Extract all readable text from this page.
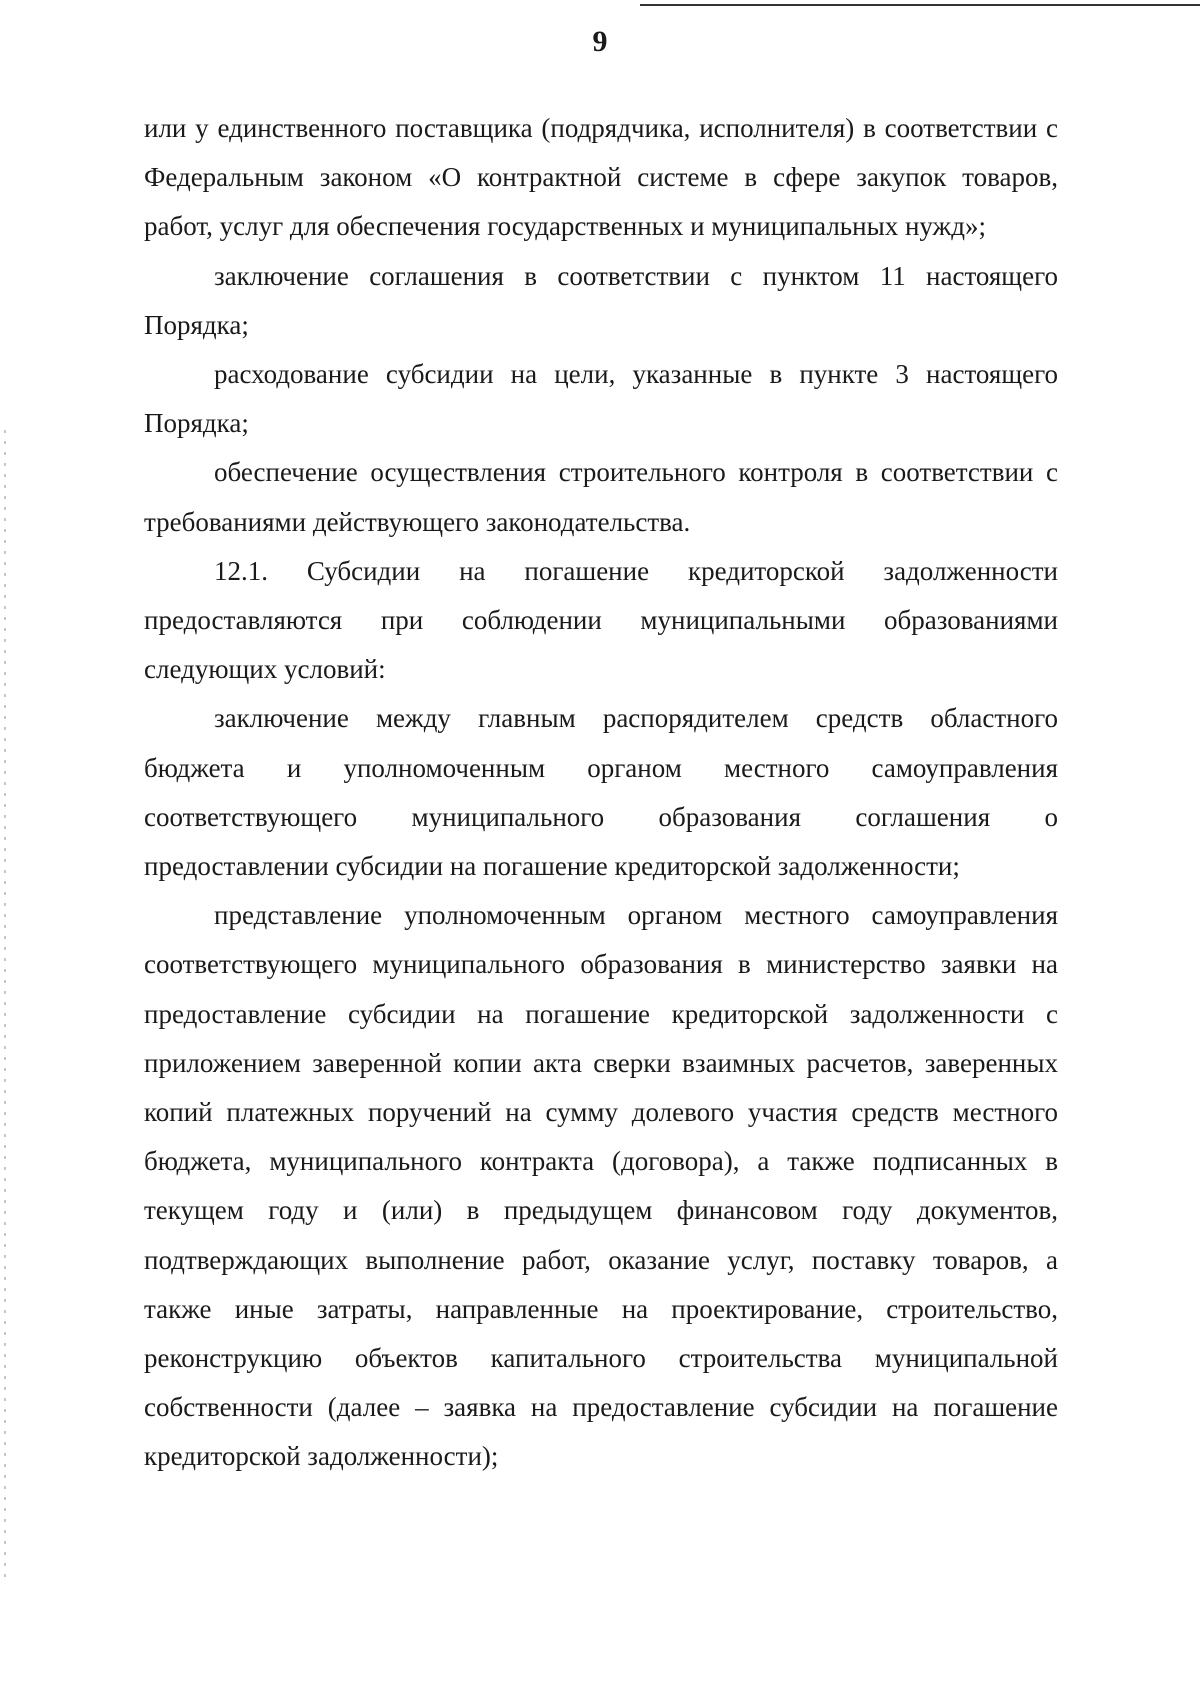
9

или у единственного поставщика (подрядчика, исполнителя) в соответствии с Федеральным законом «О контрактной системе в сфере закупок товаров, работ, услуг для обеспечения государственных и муниципальных нужд»;

заключение соглашения в соответствии с пунктом 11 настоящего Порядка;

расходование субсидии на цели, указанные в пункте 3 настоящего Порядка;

обеспечение осуществления строительного контроля в соответствии с требованиями действующего законодательства.

12.1. Субсидии на погашение кредиторской задолженности предоставляются при соблюдении муниципальными образованиями следующих условий:

заключение между главным распорядителем средств областного бюджета и уполномоченным органом местного самоуправления соответствующего муниципального образования соглашения о предоставлении субсидии на погашение кредиторской задолженности;

представление уполномоченным органом местного самоуправления соответствующего муниципального образования в министерство заявки на предоставление субсидии на погашение кредиторской задолженности с приложением заверенной копии акта сверки взаимных расчетов, заверенных копий платежных поручений на сумму долевого участия средств местного бюджета, муниципального контракта (договора), а также подписанных в текущем году и (или) в предыдущем финансовом году документов, подтверждающих выполнение работ, оказание услуг, поставку товаров, а также иные затраты, направленные на проектирование, строительство, реконструкцию объектов капитального строительства муниципальной собственности (далее – заявка на предоставление субсидии на погашение кредиторской задолженности);
